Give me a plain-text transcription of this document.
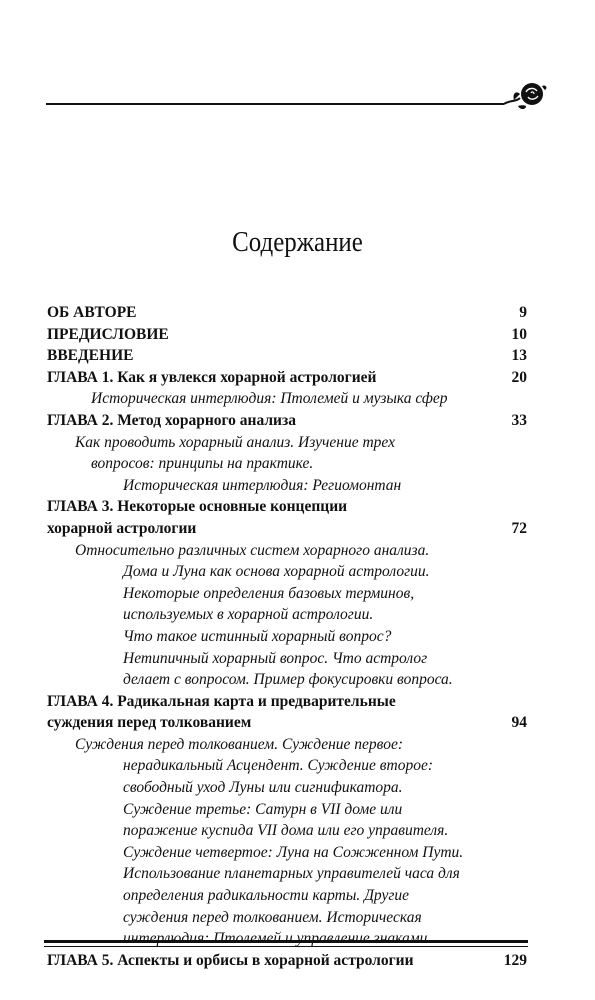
Содержание
ОБ АВТОРЕ	9
ПРЕДИСЛОВИЕ	10
ВВЕДЕНИЕ	13
ГЛАВА 1. Как я увлекся хорарной астрологией	20
Историческая интерлюдия: Птолемей и музыка сфер
ГЛАВА 2. Метод хорарного анализа	33
Как проводить хорарный анализ. Изучение трех
вопросов: принципы на практике.
Историческая интерлюдия: Региомонтан
ГЛАВА 3. Некоторые основные концепции
хорарной астрологии	72
Относительно различных систем хорарного анализа.
Дома и Луна как основа хорарной астрологии.
Некоторые определения базовых терминов,
используемых в хорарной астрологии.
Что такое истинный хорарный вопрос?
Нетипичный хорарный вопрос. Что астролог
делает с вопросом. Пример фокусировки вопроса.
ГЛАВА 4. Радикальная карта и предварительные
суждения перед толкованием	94
Суждения перед толкованием. Суждение первое:
нерадикальный Асцендент. Суждение второе:
свободный уход Луны или сигнификатора.
Суждение третье: Сатурн в VII доме или
поражение куспида VII дома или его управителя.
Суждение четвертое: Луна на Сожженном Пути.
Использование планетарных управителей часа для
определения радикальности карты. Другие
суждения перед толкованием. Историческая
интерлюдия: Птолемей и управление знаками
ГЛАВА 5. Аспекты и орбисы в хорарной астрологии	129
